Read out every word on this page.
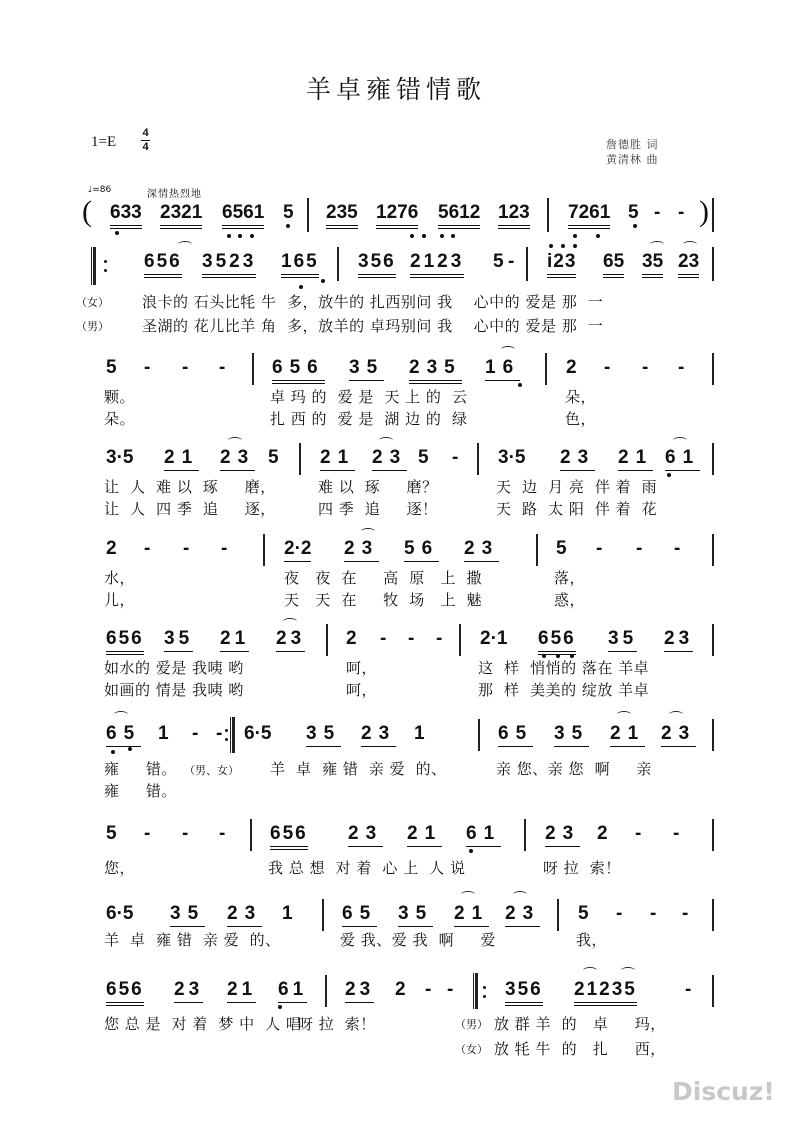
羊卓雍错情歌
1=E
4
4	詹德胜 词
黄清林 曲
♩=86	深情热烈地
( 633 2321 6561 5 235 1276 5612 123 7261 5 - - )
656 3523 165 356 2123 5 - i23 65 35 23
（女）
（男）
浪卡的 石头比牦 牛  多，放牛的 扎西别问 我    心中的 爱是 那  一
圣湖的 花儿比羊 角  多，放羊的 卓玛别问 我    心中的 爱是 那  一
5 - - - 656 35 235 16 2 - - -
颗。	卓 玛 的  爱 是  天 上 的  云	朵，
朵。	扎 西 的  爱 是  湖 边 的  绿	色，
3·5 21 23 5 21 23 5 - 3·5 23 21 61
让  人  难 以  琢     磨，	难 以  琢     磨？	天  边  月 亮  伴 着  雨
让  人  四 季  追     逐，	四 季  追     逐！	天  路  太 阳  伴 着  花
2 - - -	2·2 23 56 23	5 - - -
水，	夜   夜  在     高  原   上  撒	落，
儿，	天   天  在     牧  场   上  魅	惑，
656 35 21 23 2 - - - 2·1 656 35 23
如水的 爱是 我咦 哟	呵，	这  样  悄悄的 落在 羊卓
如画的 情是 我咦 哟	呵，	那  样  美美的 绽放 羊卓
65 1 - - 6·5 35 23 1	65 35 21 23
雍     错。 （男、女） 羊  卓  雍 错  亲 爱  的、	亲 您、亲 您  啊     亲
雍     错。
5 - - - 656 23 21 61 23 2 - -
您，	我 总 想  对 着  心 上  人 说	呀 拉  索！
6·5 35 23 1	65 35 21 23 5 - - -
羊  卓  雍 错  亲 爱  的、	爱 我、爱 我  啊     爱	我，
656 23 21 61 23 2 - -	356 21235	-
您 总 是  对 着  梦 中  人 唱
呀 拉  索！	（男） 放 群 羊  的   卓     玛，
（女） 放 牦 牛  的   扎     西，
Discuz!
